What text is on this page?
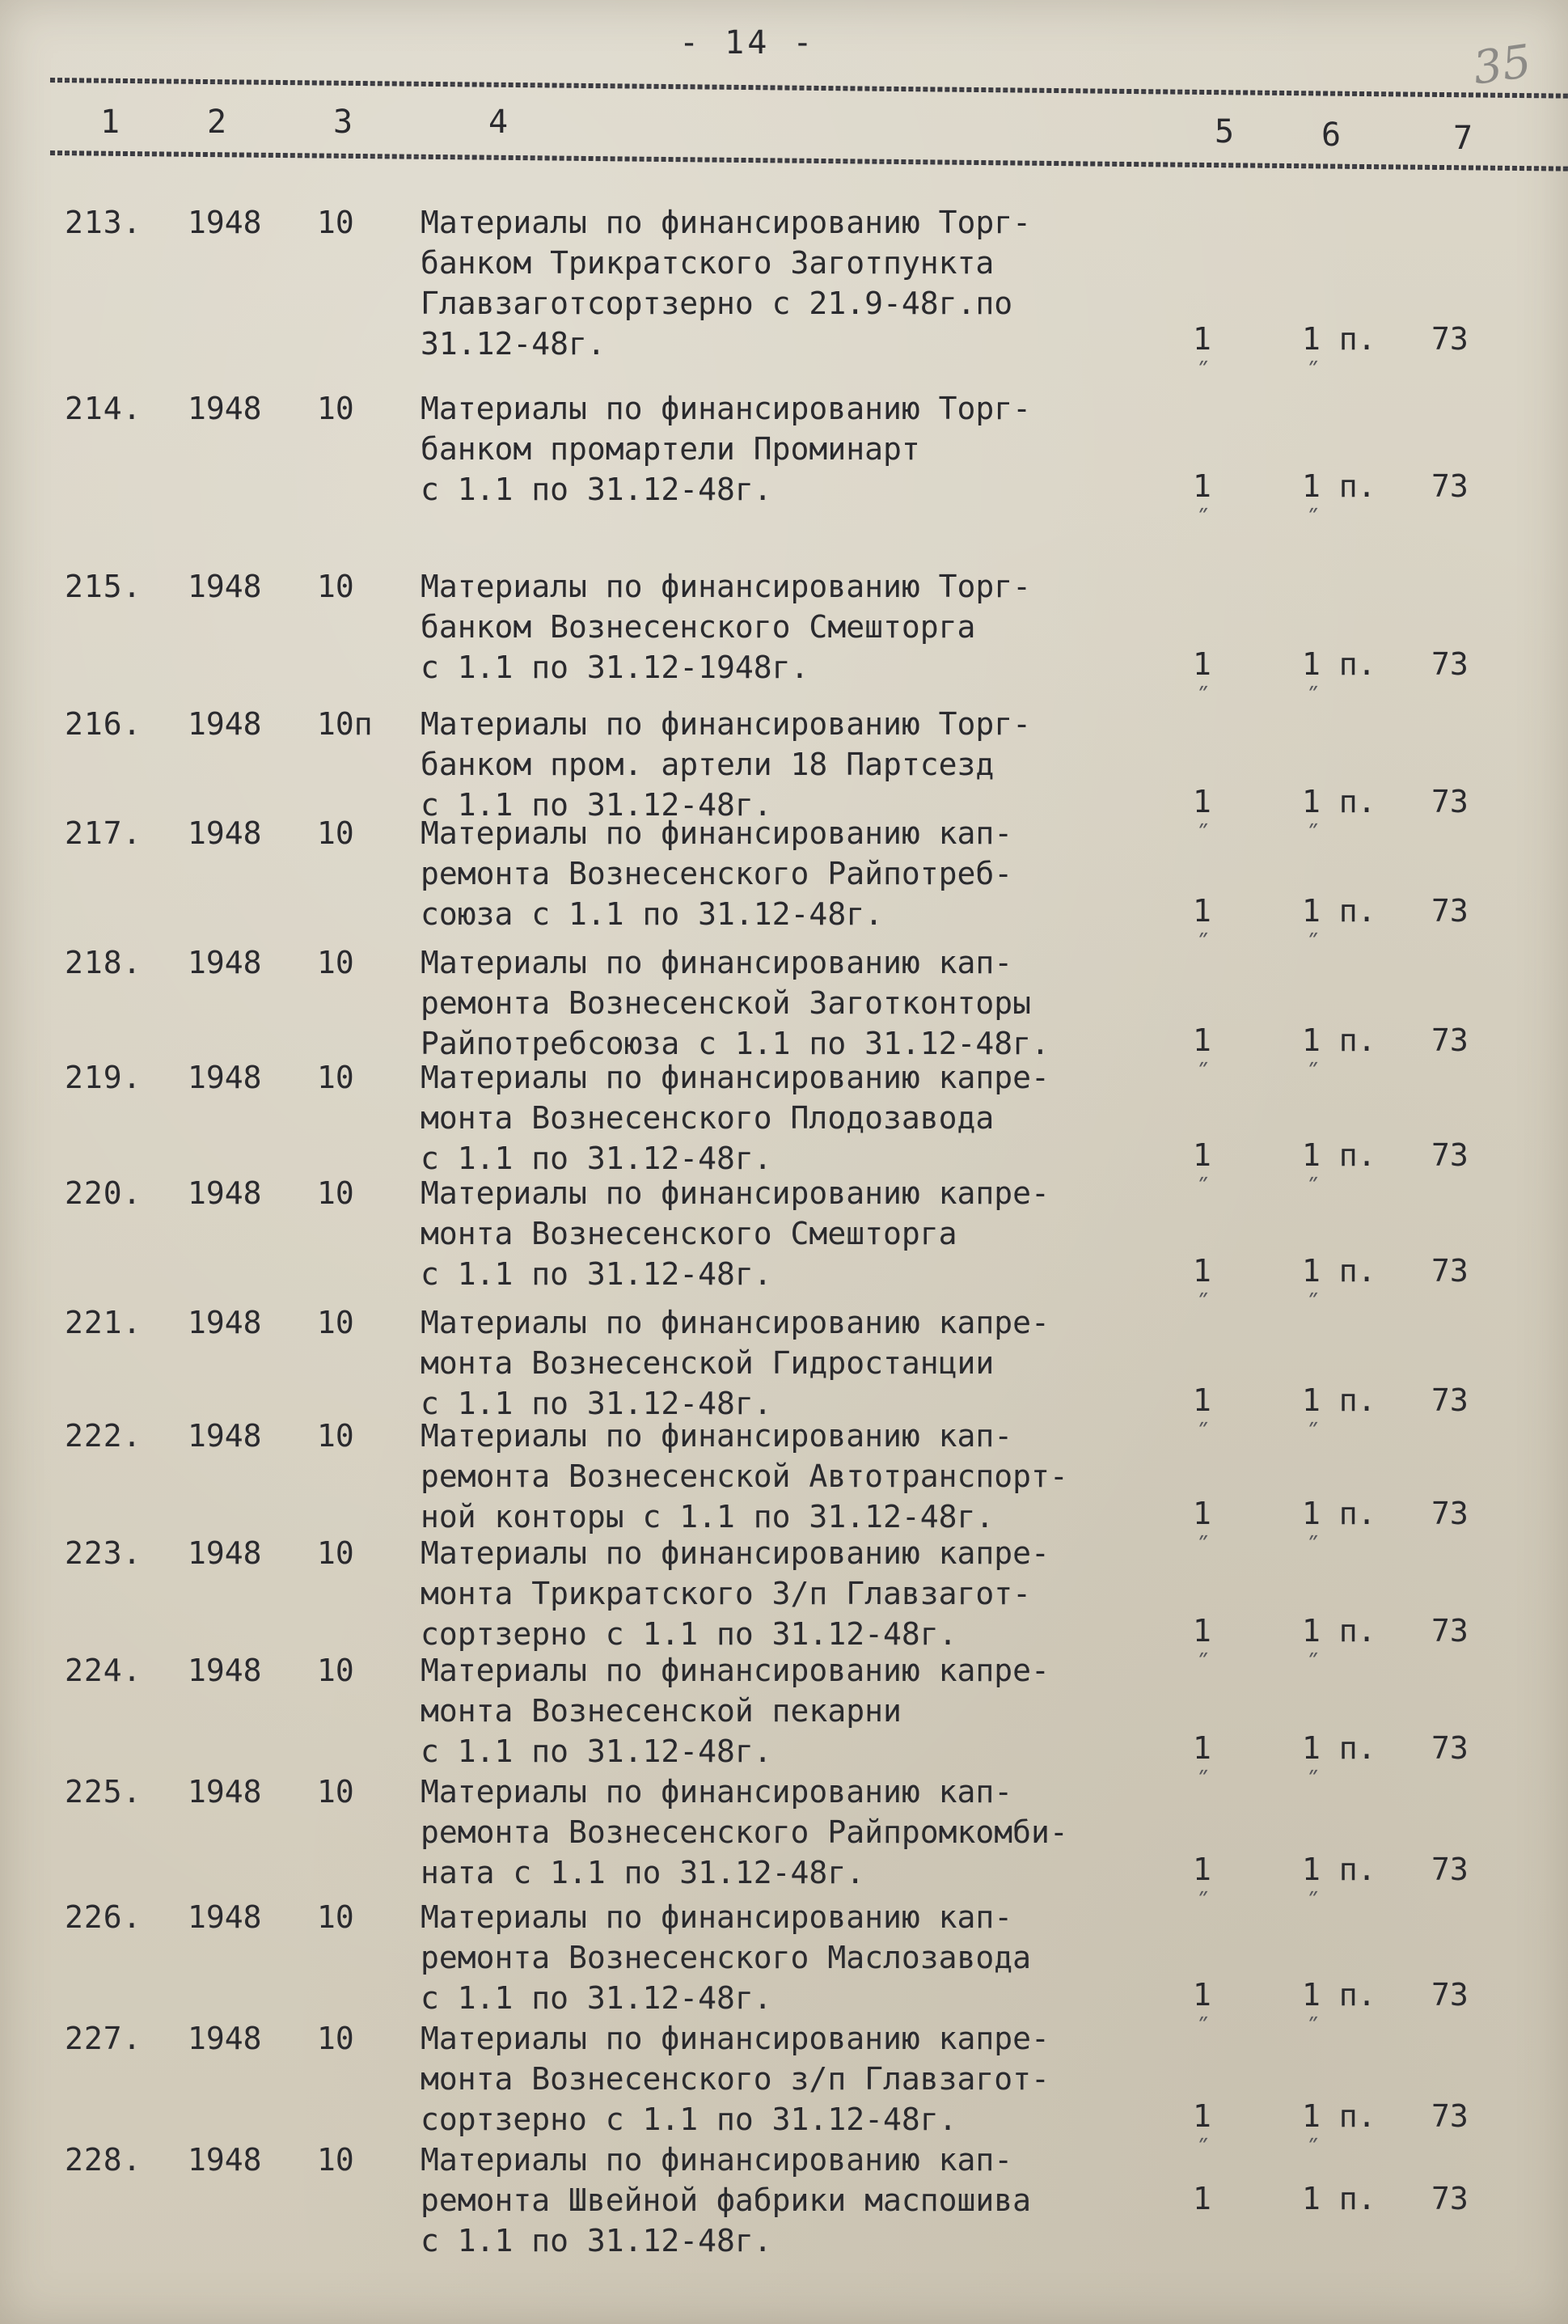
- 14 -	35
1	2	3	4	5	6	7
213. 1948 10 Материалы по финансированию Торг-
банком Трикратского Заготпункта
Главзаготсортзерно с 21.9-48г.по
31.12-48г.	1	1 п. 73
˝	˝
214. 1948 10 Материалы по финансированию Торг-
банком промартели Проминарт
с 1.1 по 31.12-48г.	1	1 п. 73
˝	˝
215. 1948 10 Материалы по финансированию Торг-
банком Вознесенского Смешторга
с 1.1 по 31.12-1948г.	1	1 п. 73
˝	˝
216. 1948 10п Материалы по финансированию Торг-
банком пром. артели 18 Партсезд
с 1.1 по 31.12-48г.	1	1 п. 73
˝	˝
217. 1948 10 Материалы по финансированию кап-
ремонта Вознесенского Райпотреб-
союза с 1.1 по 31.12-48г.	1	1 п. 73
˝	˝
218. 1948 10 Материалы по финансированию кап-
ремонта Вознесенской Заготконторы
Райпотребсоюза с 1.1 по 31.12-48г.	1	1 п. 73
˝	˝
219. 1948 10 Материалы по финансированию капре-
монта Вознесенского Плодозавода
с 1.1 по 31.12-48г.	1	1 п. 73
˝	˝
220. 1948 10 Материалы по финансированию капре-
монта Вознесенского Смешторга
с 1.1 по 31.12-48г.	1	1 п. 73
˝	˝
221. 1948 10 Материалы по финансированию капре-
монта Вознесенской Гидростанции
с 1.1 по 31.12-48г.	1	1 п. 73
˝	˝
222. 1948 10 Материалы по финансированию кап-
ремонта Вознесенской Автотранспорт-
ной конторы с 1.1 по 31.12-48г.	1	1 п. 73
˝	˝
223. 1948 10 Материалы по финансированию капре-
монта Трикратского З/п Главзагот-
сортзерно с 1.1 по 31.12-48г.	1	1 п. 73
˝	˝
224. 1948 10 Материалы по финансированию капре-
монта Вознесенской пекарни
с 1.1 по 31.12-48г.	1	1 п. 73
˝	˝
225. 1948 10 Материалы по финансированию кап-
ремонта Вознесенского Райпромкомби-
ната с 1.1 по 31.12-48г.	1	1 п. 73
˝	˝
226. 1948 10 Материалы по финансированию кап-
ремонта Вознесенского Маслозавода
с 1.1 по 31.12-48г.	1	1 п. 73
˝	˝
227. 1948 10 Материалы по финансированию капре-
монта Вознесенского з/п Главзагот-
сортзерно с 1.1 по 31.12-48г.	1	1 п. 73
˝	˝
228. 1948 10 Материалы по финансированию кап-
ремонта Швейной фабрики маспошива
с 1.1 по 31.12-48г.
1	1 п. 73
